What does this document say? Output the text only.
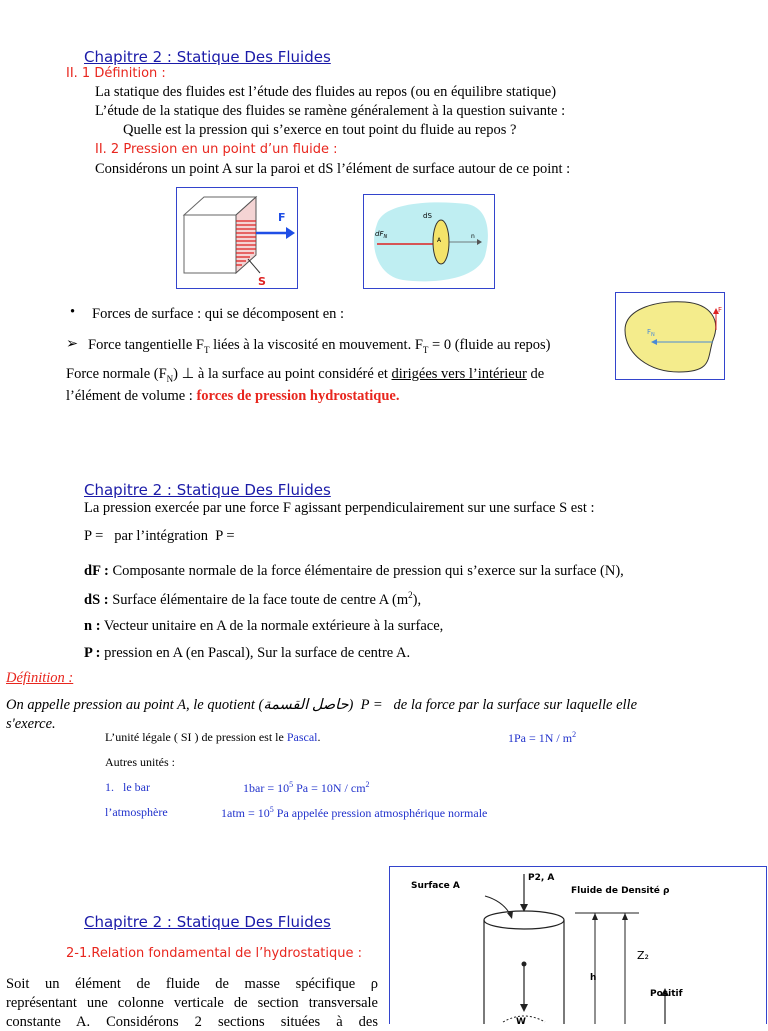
Chapitre 2 : Statique Des Fluides
II. 1 Définition :
La statique des fluides est l’étude des fluides au repos (ou en équilibre statique)
L’étude de la statique des fluides se ramène généralement à la question suivante :
Quelle est la pression qui s’exerce en tout point du fluide au repos ?
II. 2 Pression en un point d’un fluide :
Considérons un point A sur la paroi et dS l’élément de surface autour de ce point :
F
S
dS
A
$dF_N$	n
• Forces de surface : qui se décomposent en :
➢ Force tangentielle $F_T$ liées à la viscosité en mouvement. $F_T = 0$ (fluide au repos)
Force normale $(F_N)$ ⊥ à la surface au point considéré et dirigées vers l’intérieur de
l’élément de volume : forces de pression hydrostatique.
F
$F_N$
Chapitre 2 : Statique Des Fluides
La pression exercée par une force F agissant perpendiculairement sur une surface S est :
P =   par l’intégration  P =
dF : Composante normale de la force élémentaire de pression qui s’exerce sur la surface (N),
dS : Surface élémentaire de la face toute de centre A $(m^2)$,
n : Vecteur unitaire en A de la normale extérieure à la surface,
P : pression en A (en Pascal), Sur la surface de centre A.
Définition :
On appelle pression au point A, le quotient (حاصل القسمة)  P =   de la force par la surface sur laquelle elle
s'exerce.
L’unité légale ( SI ) de pression est le Pascal.	$1Pa = 1N / m^2$
Autres unités :
1.   le bar	$1bar = 10^5$ $Pa = 10N / cm^2$
l’atmosphère	$1atm = 10^5$ Pa appelée pression atmosphérique normale
Chapitre 2 : Statique Des Fluides
2-1.Relation fondamental de l’hydrostatique :
Soit un élément de fluide de masse spécifique ρ
représentant une colonne verticale de section transversale
constante A. Considérons 2 sections situées à des
Surface A
P2, A
Fluide de Densité ρ
h
Z₂
Positif
W
